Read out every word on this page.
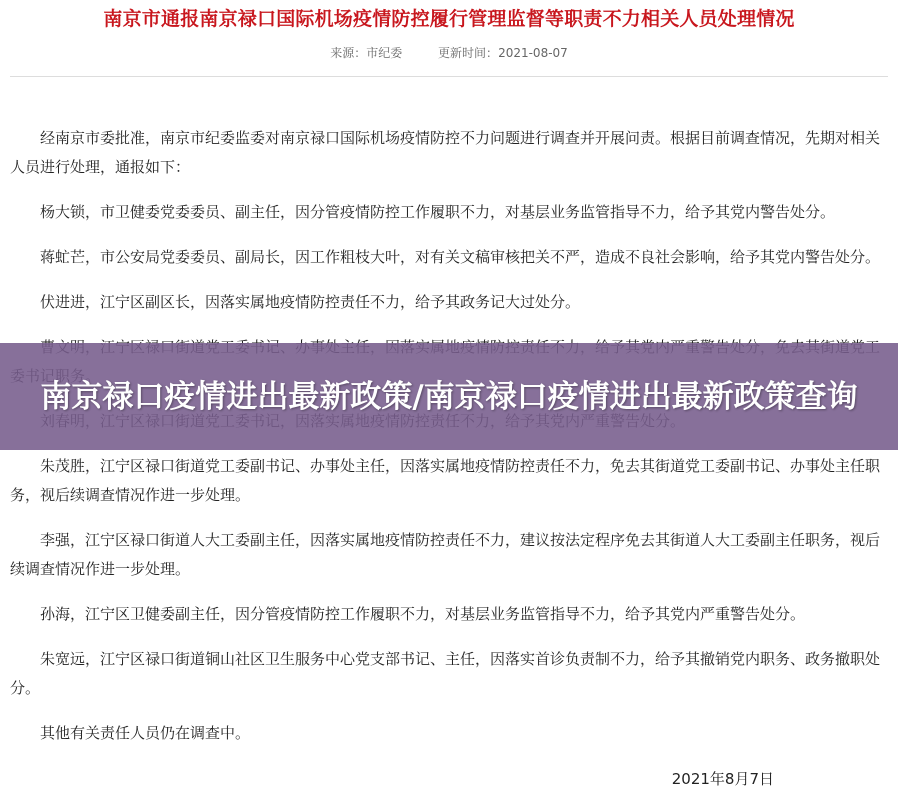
南京市通报南京禄口国际机场疫情防控履行管理监督等职责不力相关人员处理情况
来源：市纪委	更新时间：2021-08-07

经南京市委批准，南京市纪委监委对南京禄口国际机场疫情防控不力问题进行调查并开展问责。根据目前调查情况，先期对相关人员进行处理，通报如下：

杨大锁，市卫健委党委委员、副主任，因分管疫情防控工作履职不力，对基层业务监管指导不力，给予其党内警告处分。

蒋虻芒，市公安局党委委员、副局长，因工作粗枝大叶，对有关文稿审核把关不严，造成不良社会影响，给予其党内警告处分。

伏进进，江宁区副区长，因落实属地疫情防控责任不力，给予其政务记大过处分。

朱茂胜，江宁区禄口街道党工委副书记、办事处主任，因落实属地疫情防控责任不力，免去其街道党工委副书记、办事处主任职务，视后续调查情况作进一步处理。

李强，江宁区禄口街道人大工委副主任，因落实属地疫情防控责任不力，建议按法定程序免去其街道人大工委副主任职务，视后续调查情况作进一步处理。

孙海，江宁区卫健委副主任，因分管疫情防控工作履职不力，对基层业务监管指导不力，给予其党内严重警告处分。

朱宽远，江宁区禄口街道铜山社区卫生服务中心党支部书记、主任，因落实首诊负责制不力，给予其撤销党内职务、政务撤职处分。

其他有关责任人员仍在调查中。

2021年8月7日

南京禄口疫情进出最新政策/南京禄口疫情进出最新政策查询
